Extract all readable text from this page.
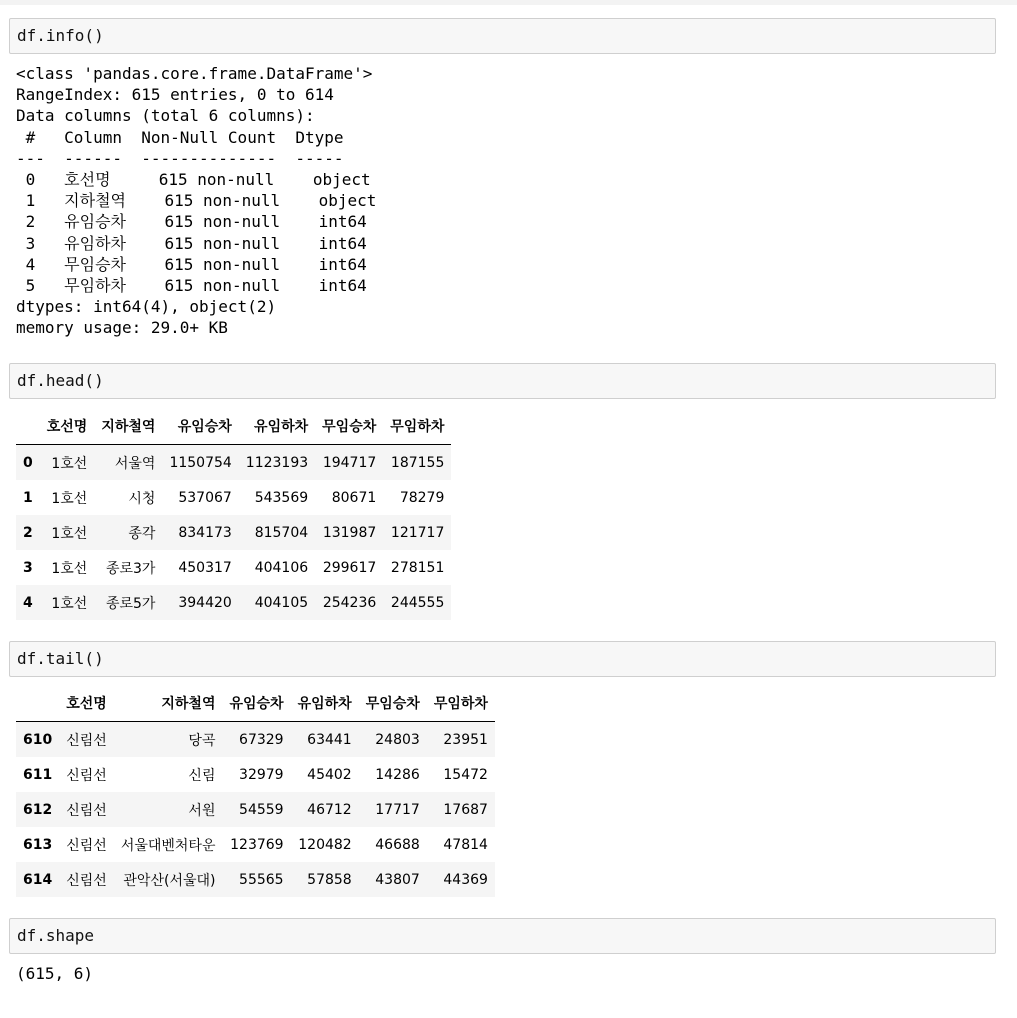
df.info()
<class 'pandas.core.frame.DataFrame'>
RangeIndex: 615 entries, 0 to 614
Data columns (total 6 columns):
#   Column  Non-Null Count  Dtype
---  ------  --------------  -----
0   호선명     615 non-null    object
1   지하철역    615 non-null    object
2   유임승차    615 non-null    int64
3   유임하차    615 non-null    int64
4   무임승차    615 non-null    int64
5   무임하차    615 non-null    int64
dtypes: int64(4), object(2)
memory usage: 29.0+ KB
df.head()
	호선명	지하철역	유임승차	유임하차	무임승차	무임하차
0	1호선	서울역	1150754	1123193	194717	187155
1	1호선	시청	537067	543569	80671	78279
2	1호선	종각	834173	815704	131987	121717
3	1호선	종로3가	450317	404106	299617	278151
4	1호선	종로5가	394420	404105	254236	244555
df.tail()
	호선명	지하철역	유임승차	유임하차	무임승차	무임하차
610	신림선	당곡	67329	63441	24803	23951
611	신림선	신림	32979	45402	14286	15472
612	신림선	서원	54559	46712	17717	17687
613	신림선	서울대벤처타운	123769	120482	46688	47814
614	신림선	관악산(서울대)	55565	57858	43807	44369
df.shape
(615, 6)
